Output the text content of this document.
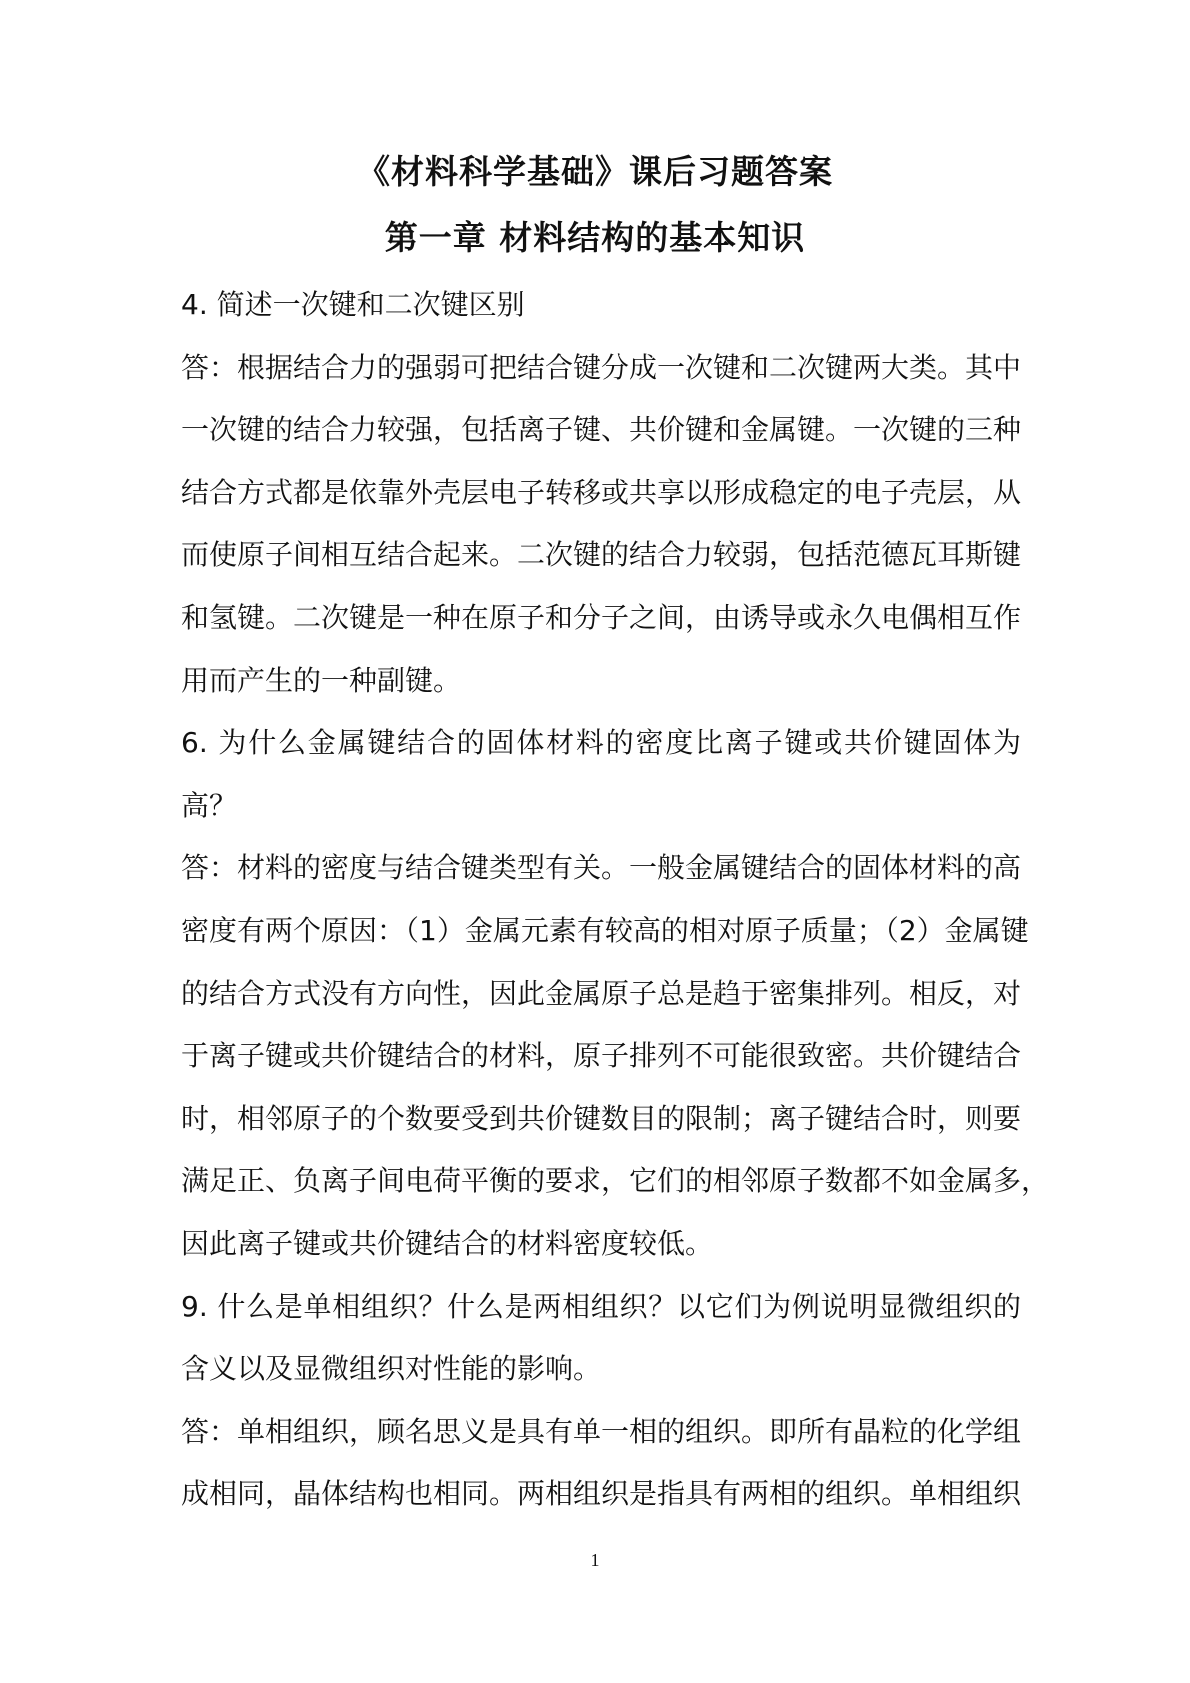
《材料科学基础》课后习题答案
第一章 材料结构的基本知识
4. 简述一次键和二次键区别
答：根据结合力的强弱可把结合键分成一次键和二次键两大类。其中
一次键的结合力较强，包括离子键、共价键和金属键。一次键的三种
结合方式都是依靠外壳层电子转移或共享以形成稳定的电子壳层，从
而使原子间相互结合起来。二次键的结合力较弱，包括范德瓦耳斯键
和氢键。二次键是一种在原子和分子之间，由诱导或永久电偶相互作
用而产生的一种副键。
6. 为什么金属键结合的固体材料的密度比离子键或共价键固体为
高？
答：材料的密度与结合键类型有关。一般金属键结合的固体材料的高
密度有两个原因：（1）金属元素有较高的相对原子质量；（2）金属键
的结合方式没有方向性，因此金属原子总是趋于密集排列。相反，对
于离子键或共价键结合的材料，原子排列不可能很致密。共价键结合
时，相邻原子的个数要受到共价键数目的限制；离子键结合时，则要
满足正、负离子间电荷平衡的要求，它们的相邻原子数都不如金属多，
因此离子键或共价键结合的材料密度较低。
9. 什么是单相组织？什么是两相组织？以它们为例说明显微组织的
含义以及显微组织对性能的影响。
答：单相组织，顾名思义是具有单一相的组织。即所有晶粒的化学组
成相同，晶体结构也相同。两相组织是指具有两相的组织。单相组织
1
